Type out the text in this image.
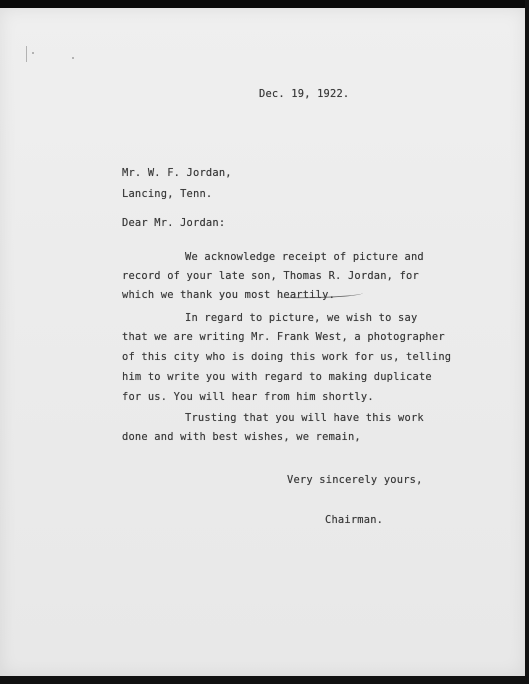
Dec. 19, 1922.
Mr. W. F. Jordan,
Lancing, Tenn.
Dear Mr. Jordan:
We acknowledge receipt of picture and
record of your late son, Thomas R. Jordan, for
which we thank you most heartily.
In regard to picture, we wish to say
that we are writing Mr. Frank West, a photographer
of this city who is doing this work for us, telling
him to write you with regard to making duplicate
for us. You will hear from him shortly.
Trusting that you will have this work
done and with best wishes, we remain,
Very sincerely yours,
Chairman.
